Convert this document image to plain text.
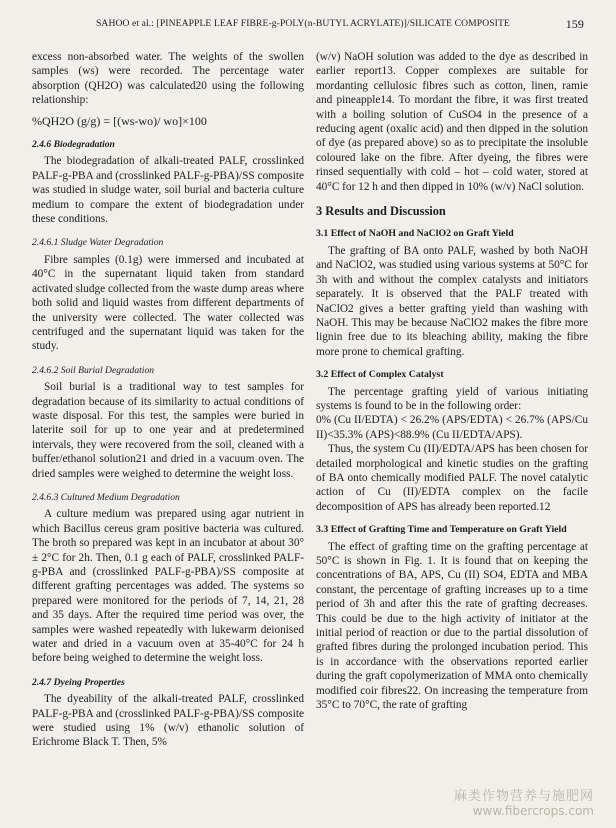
SAHOO et al.: [PINEAPPLE LEAF FIBRE-g-POLY(n-BUTYL ACRYLATE)]/SILICATE COMPOSITE	159

excess non-absorbed water. The weights of the swollen samples (ws) were recorded. The percentage water absorption (QH2O) was calculated20 using the following relationship:

%QH2O (g/g) = [(ws-wo)/ wo]×100
2.4.6 Biodegradation

The biodegradation of alkali-treated PALF, crosslinked PALF-g-PBA and (crosslinked PALF-g-PBA)/SS composite was studied in sludge water, soil burial and bacteria culture medium to compare the extent of biodegradation under these conditions.

2.4.6.1 Sludge Water Degradation

Fibre samples (0.1g) were immersed and incubated at 40°C in the supernatant liquid taken from standard activated sludge collected from the waste dump areas where both solid and liquid wastes from different departments of the university were collected. The water collected was centrifuged and the supernatant liquid was taken for the study.

2.4.6.2 Soil Burial Degradation

Soil burial is a traditional way to test samples for degradation because of its similarity to actual conditions of waste disposal. For this test, the samples were buried in laterite soil for up to one year and at predetermined intervals, they were recovered from the soil, cleaned with a buffer/ethanol solution21 and dried in a vacuum oven. The dried samples were weighed to determine the weight loss.

2.4.6.3 Cultured Medium Degradation

A culture medium was prepared using agar nutrient in which Bacillus cereus gram positive bacteria was cultured. The broth so prepared was kept in an incubator at about 30° ± 2°C for 2h. Then, 0.1 g each of PALF, crosslinked PALF-g-PBA and (crosslinked PALF-g-PBA)/SS composite at different grafting percentages was added. The systems so prepared were monitored for the periods of 7, 14, 21, 28 and 35 days. After the required time period was over, the samples were washed repeatedly with lukewarm deionised water and dried in a vacuum oven at 35-40°C for 24 h before being weighed to determine the weight loss.

2.4.7 Dyeing Properties

The dyeability of the alkali-treated PALF, crosslinked PALF-g-PBA and (crosslinked PALF-g-PBA)/SS composite were studied using 1% (w/v) ethanolic solution of Erichrome Black T. Then, 5%

(w/v) NaOH solution was added to the dye as described in earlier report13. Copper complexes are suitable for mordanting cellulosic fibres such as cotton, linen, ramie and pineapple14. To mordant the fibre, it was first treated with a boiling solution of CuSO4 in the presence of a reducing agent (oxalic acid) and then dipped in the solution of dye (as prepared above) so as to precipitate the insoluble coloured lake on the fibre. After dyeing, the fibres were rinsed sequentially with cold – hot – cold water, stored at 40°C for 12 h and then dipped in 10% (w/v) NaCl solution.

3 Results and Discussion
3.1 Effect of NaOH and NaClO2 on Graft Yield

The grafting of BA onto PALF, washed by both NaOH and NaClO2, was studied using various systems at 50°C for 3h with and without the complex catalysts and initiators separately. It is observed that the PALF treated with NaClO2 gives a better grafting yield than washing with NaOH. This may be because NaClO2 makes the fibre more lignin free due to its bleaching ability, making the fibre more prone to chemical grafting.

3.2 Effect of Complex Catalyst

The percentage grafting yield of various initiating systems is found to be in the following order:

0% (Cu II/EDTA) < 26.2% (APS/EDTA) < 26.7% (APS/Cu II)<35.3% (APS)<88.9% (Cu II/EDTA/APS).

Thus, the system Cu (II)/EDTA/APS has been chosen for detailed morphological and kinetic studies on the grafting of BA onto chemically modified PALF. The novel catalytic action of Cu (II)/EDTA complex on the facile decomposition of APS has already been reported.12

3.3 Effect of Grafting Time and Temperature on Graft Yield

The effect of grafting time on the grafting percentage at 50°C is shown in Fig. 1. It is found that on keeping the concentrations of BA, APS, Cu (II) SO4, EDTA and MBA constant, the percentage of grafting increases up to a time period of 3h and after this the rate of grafting decreases. This could be due to the high activity of initiator at the initial period of reaction or due to the partial dissolution of grafted fibres during the prolonged incubation period. This is in accordance with the observations reported earlier during the graft copolymerization of MMA onto chemically modified coir fibres22. On increasing the temperature from 35°C to 70°C, the rate of grafting

麻类作物营养与施肥网
www.fibercrops.com
